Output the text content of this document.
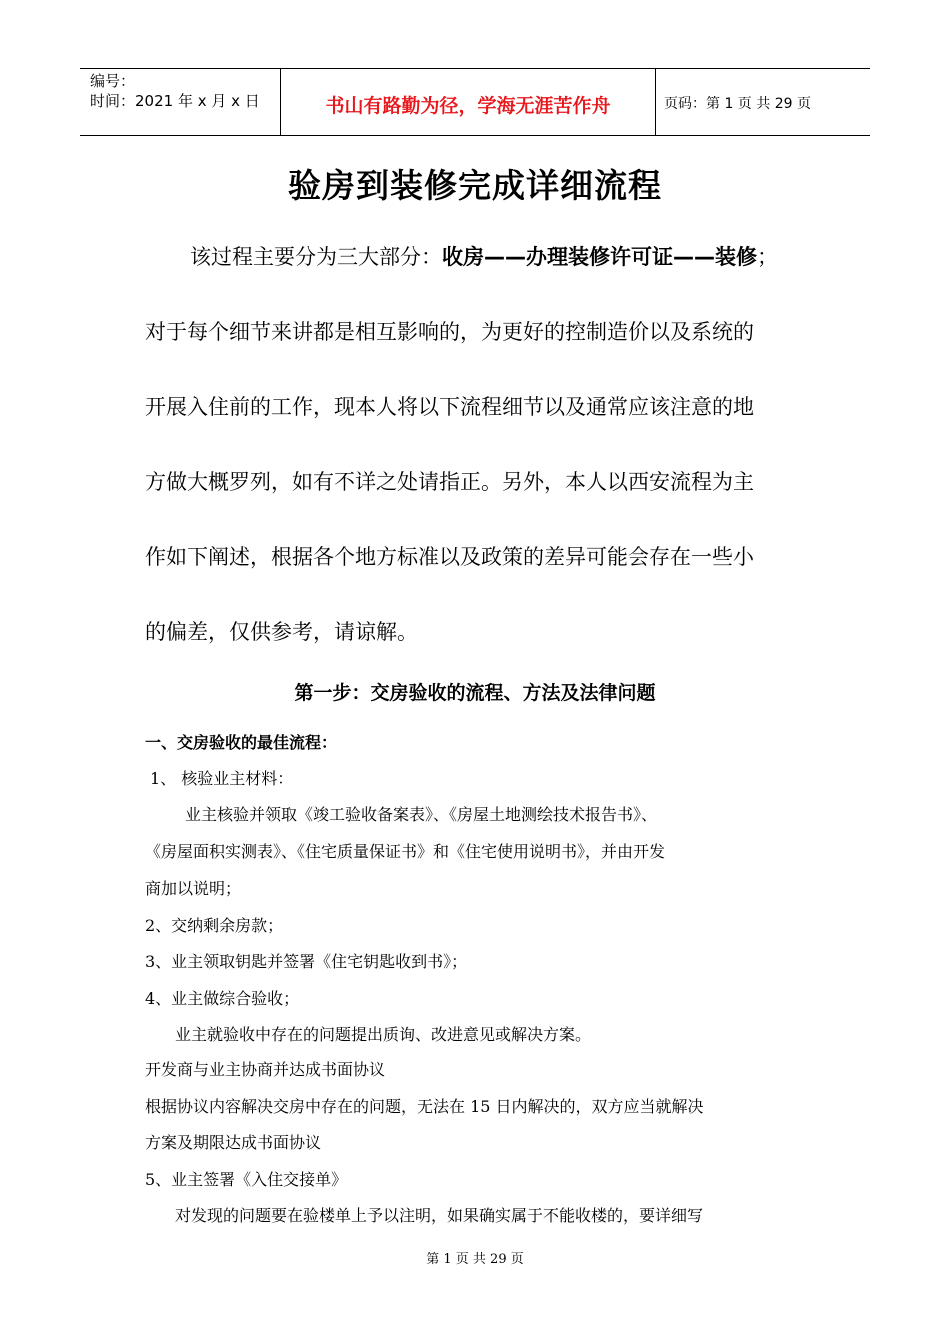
编号：
时间：2021 年 x 月 x 日	书山有路勤为径，学海无涯苦作舟	页码：第 1 页 共 29 页
验房到装修完成详细流程
该过程主要分为三大部分：收房——办理装修许可证——装修；
对于每个细节来讲都是相互影响的，为更好的控制造价以及系统的
开展入住前的工作，现本人将以下流程细节以及通常应该注意的地
方做大概罗列，如有不详之处请指正。另外，本人以西安流程为主
作如下阐述，根据各个地方标准以及政策的差异可能会存在一些小
的偏差，仅供参考，请谅解。
第一步：交房验收的流程、方法及法律问题
一、交房验收的最佳流程：
1、 核验业主材料：
业主核验并领取《竣工验收备案表》、《房屋土地测绘技术报告书》、
《房屋面积实测表》、《住宅质量保证书》和《住宅使用说明书》，并由开发
商加以说明；
2、交纳剩余房款；
3、业主领取钥匙并签署《住宅钥匙收到书》；
4、业主做综合验收；
业主就验收中存在的问题提出质询、改进意见或解决方案。
开发商与业主协商并达成书面协议
根据协议内容解决交房中存在的问题，无法在 15 日内解决的，双方应当就解决
方案及期限达成书面协议
5、业主签署《入住交接单》
对发现的问题要在验楼单上予以注明，如果确实属于不能收楼的，要详细写
第 1 页 共 29 页
